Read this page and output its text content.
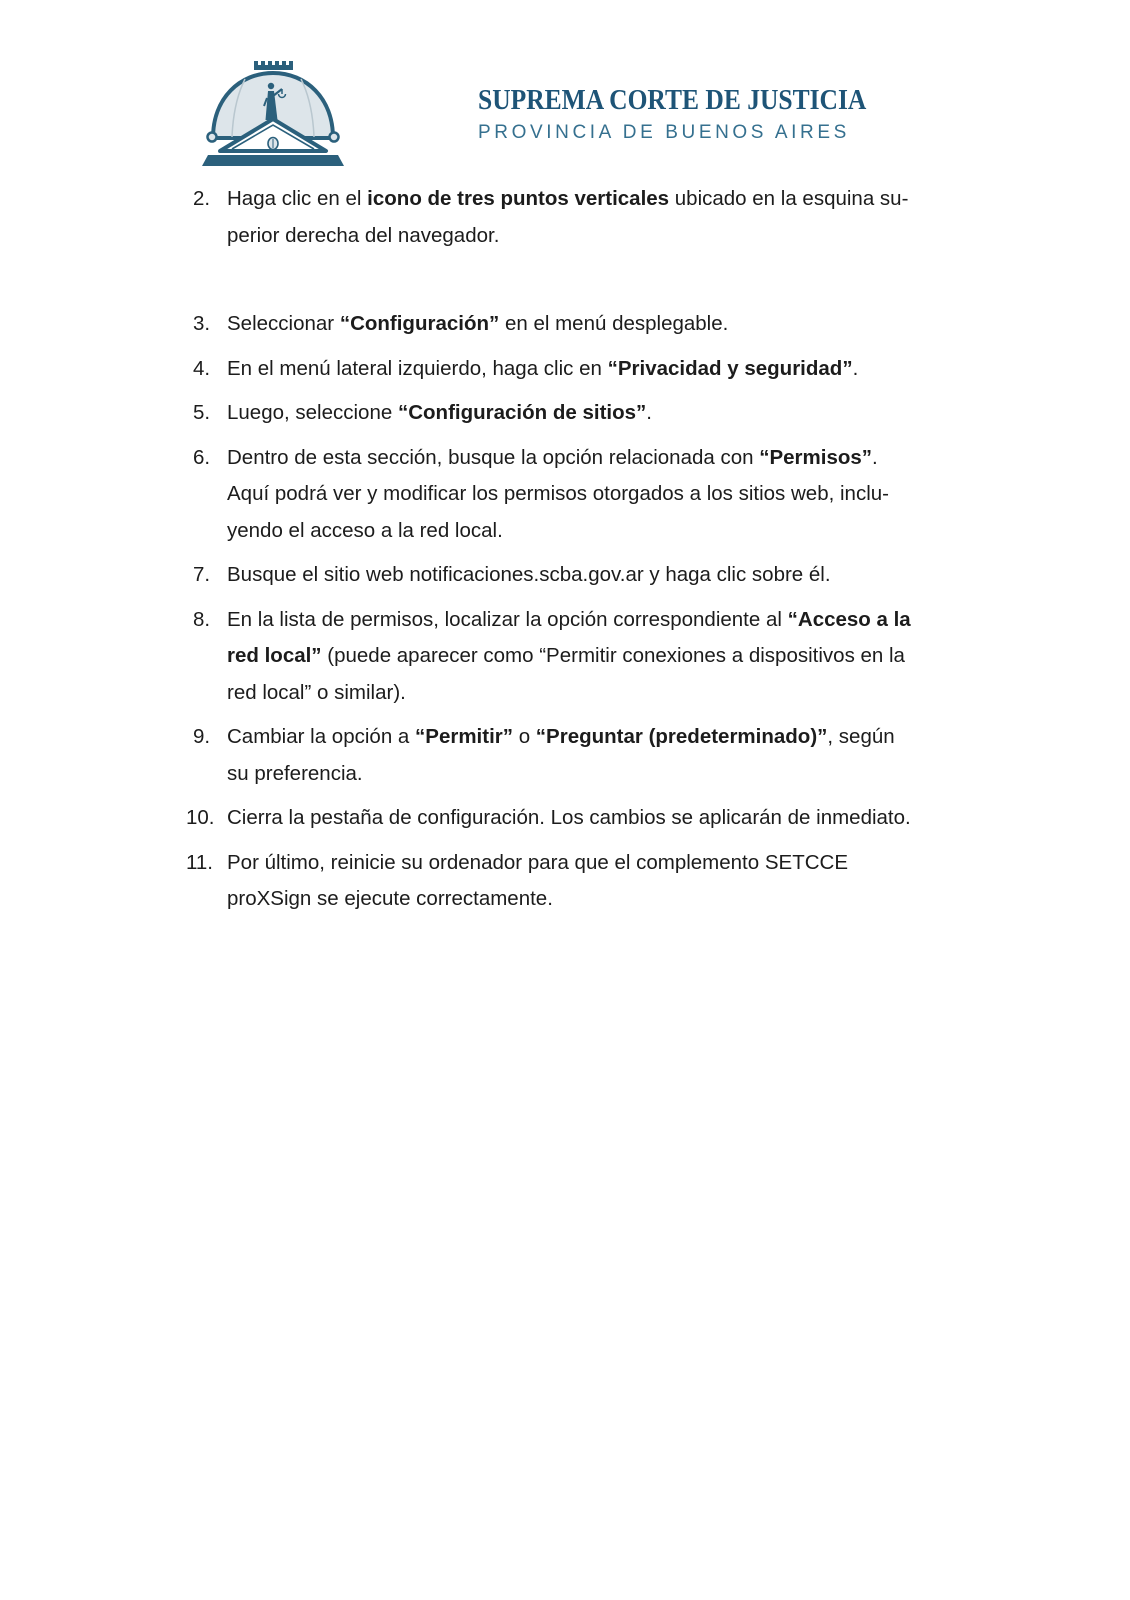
SUPREMA CORTE DE JUSTICIA
PROVINCIA DE BUENOS AIRES
2. Haga clic en el icono de tres puntos verticales ubicado en la esquina su-
perior derecha del navegador.
3. Seleccionar “Configuración” en el menú desplegable.
4. En el menú lateral izquierdo, haga clic en “Privacidad y seguridad”.
5. Luego, seleccione “Configuración de sitios”.
6. Dentro de esta sección, busque la opción relacionada con “Permisos”.
Aquí podrá ver y modificar los permisos otorgados a los sitios web, inclu-
yendo el acceso a la red local.
7. Busque el sitio web notificaciones.scba.gov.ar y haga clic sobre él.
8. En la lista de permisos, localizar la opción correspondiente al “Acceso a la
red local” (puede aparecer como “Permitir conexiones a dispositivos en la
red local” o similar).
9. Cambiar la opción a “Permitir” o “Preguntar (predeterminado)”, según
su preferencia.
10. Cierra la pestaña de configuración. Los cambios se aplicarán de inmediato.
11. Por último, reinicie su ordenador para que el complemento SETCCE
proXSign se ejecute correctamente.
